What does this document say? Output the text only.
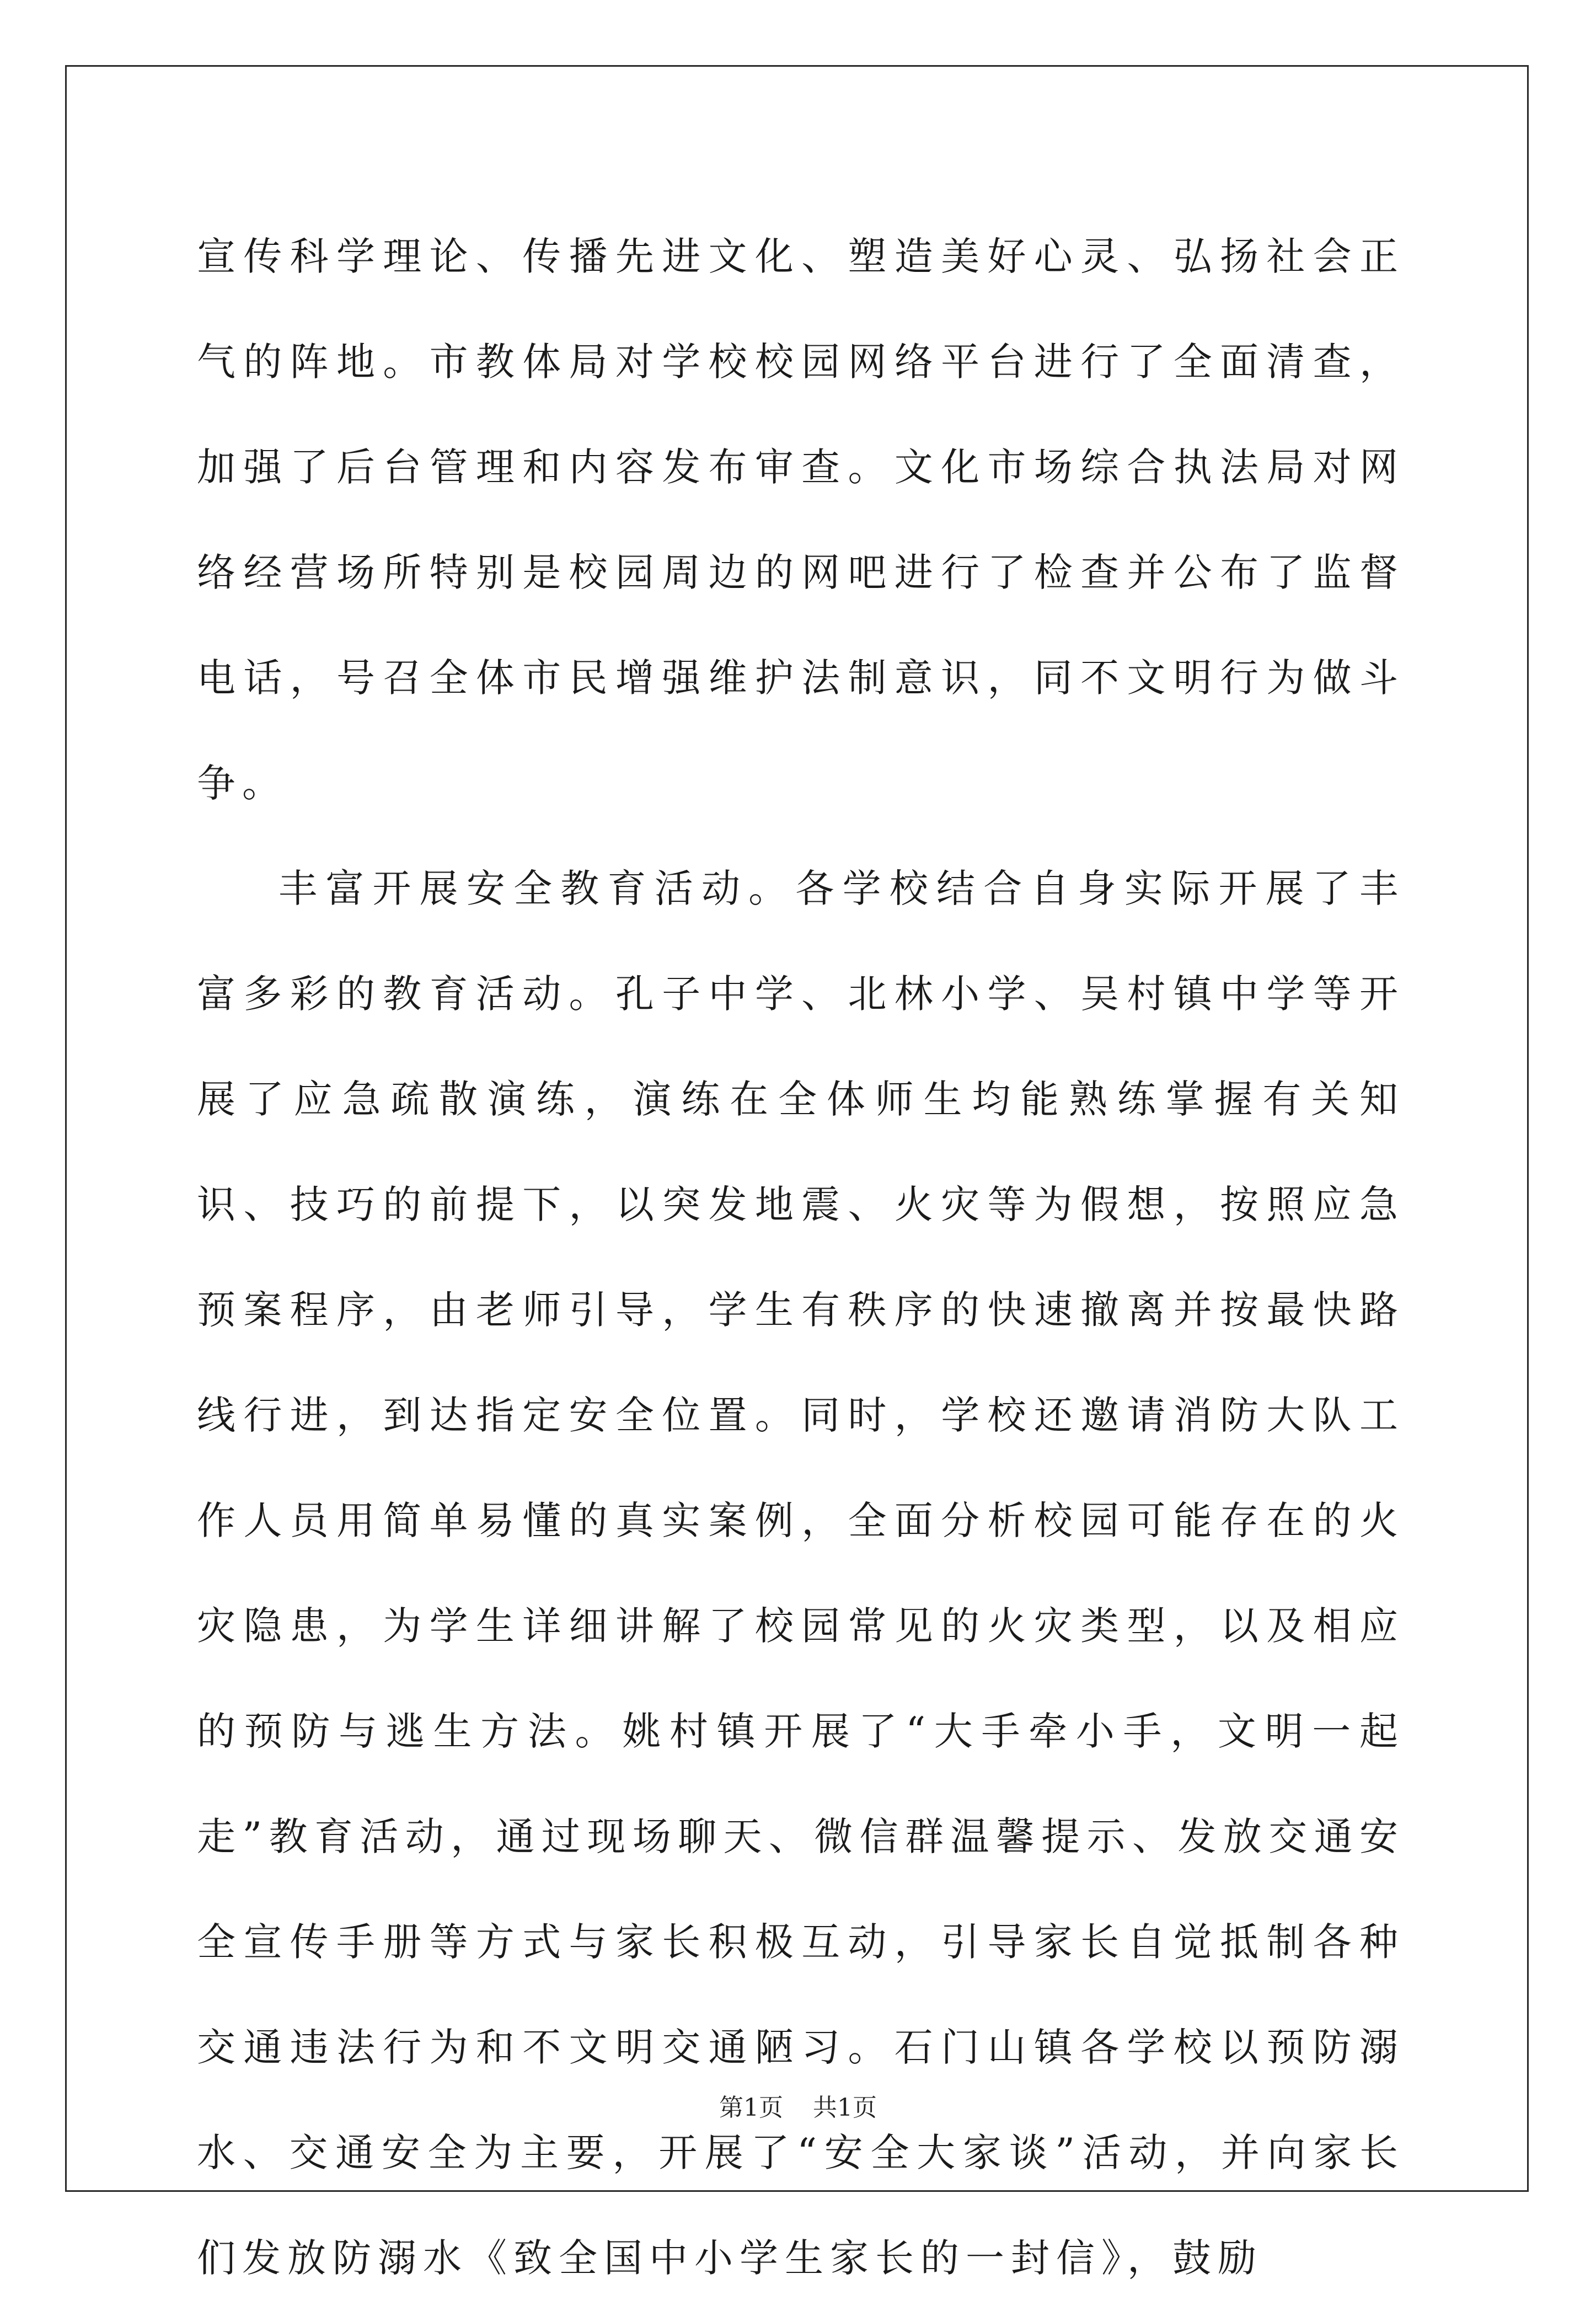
宣传科学理论、传播先进文化、塑造美好心灵、弘扬社会正气的阵地。市教体局对学校校园网络平台进行了全面清查，加强了后台管理和内容发布审查。文化市场综合执法局对网络经营场所特别是校园周边的网吧进行了检查并公布了监督电话，号召全体市民增强维护法制意识，同不文明行为做斗争。

丰富开展安全教育活动。各学校结合自身实际开展了丰富多彩的教育活动。孔子中学、北林小学、吴村镇中学等开展了应急疏散演练，演练在全体师生均能熟练掌握有关知识、技巧的前提下，以突发地震、火灾等为假想，按照应急预案程序，由老师引导，学生有秩序的快速撤离并按最快路线行进，到达指定安全位置。同时，学校还邀请消防大队工作人员用简单易懂的真实案例，全面分析校园可能存在的火灾隐患，为学生详细讲解了校园常见的火灾类型，以及相应的预防与逃生方法。姚村镇开展了“大手牵小手，文明一起走”教育活动，通过现场聊天、微信群温馨提示、发放交通安全宣传手册等方式与家长积极互动，引导家长自觉抵制各种交通违法行为和不文明交通陋习。石门山镇各学校以预防溺水、交通安全为主要，开展了“安全大家谈”活动，并向家长们发放防溺水《致全国中小学生家长的一封信》，鼓励

第1页 共1页
